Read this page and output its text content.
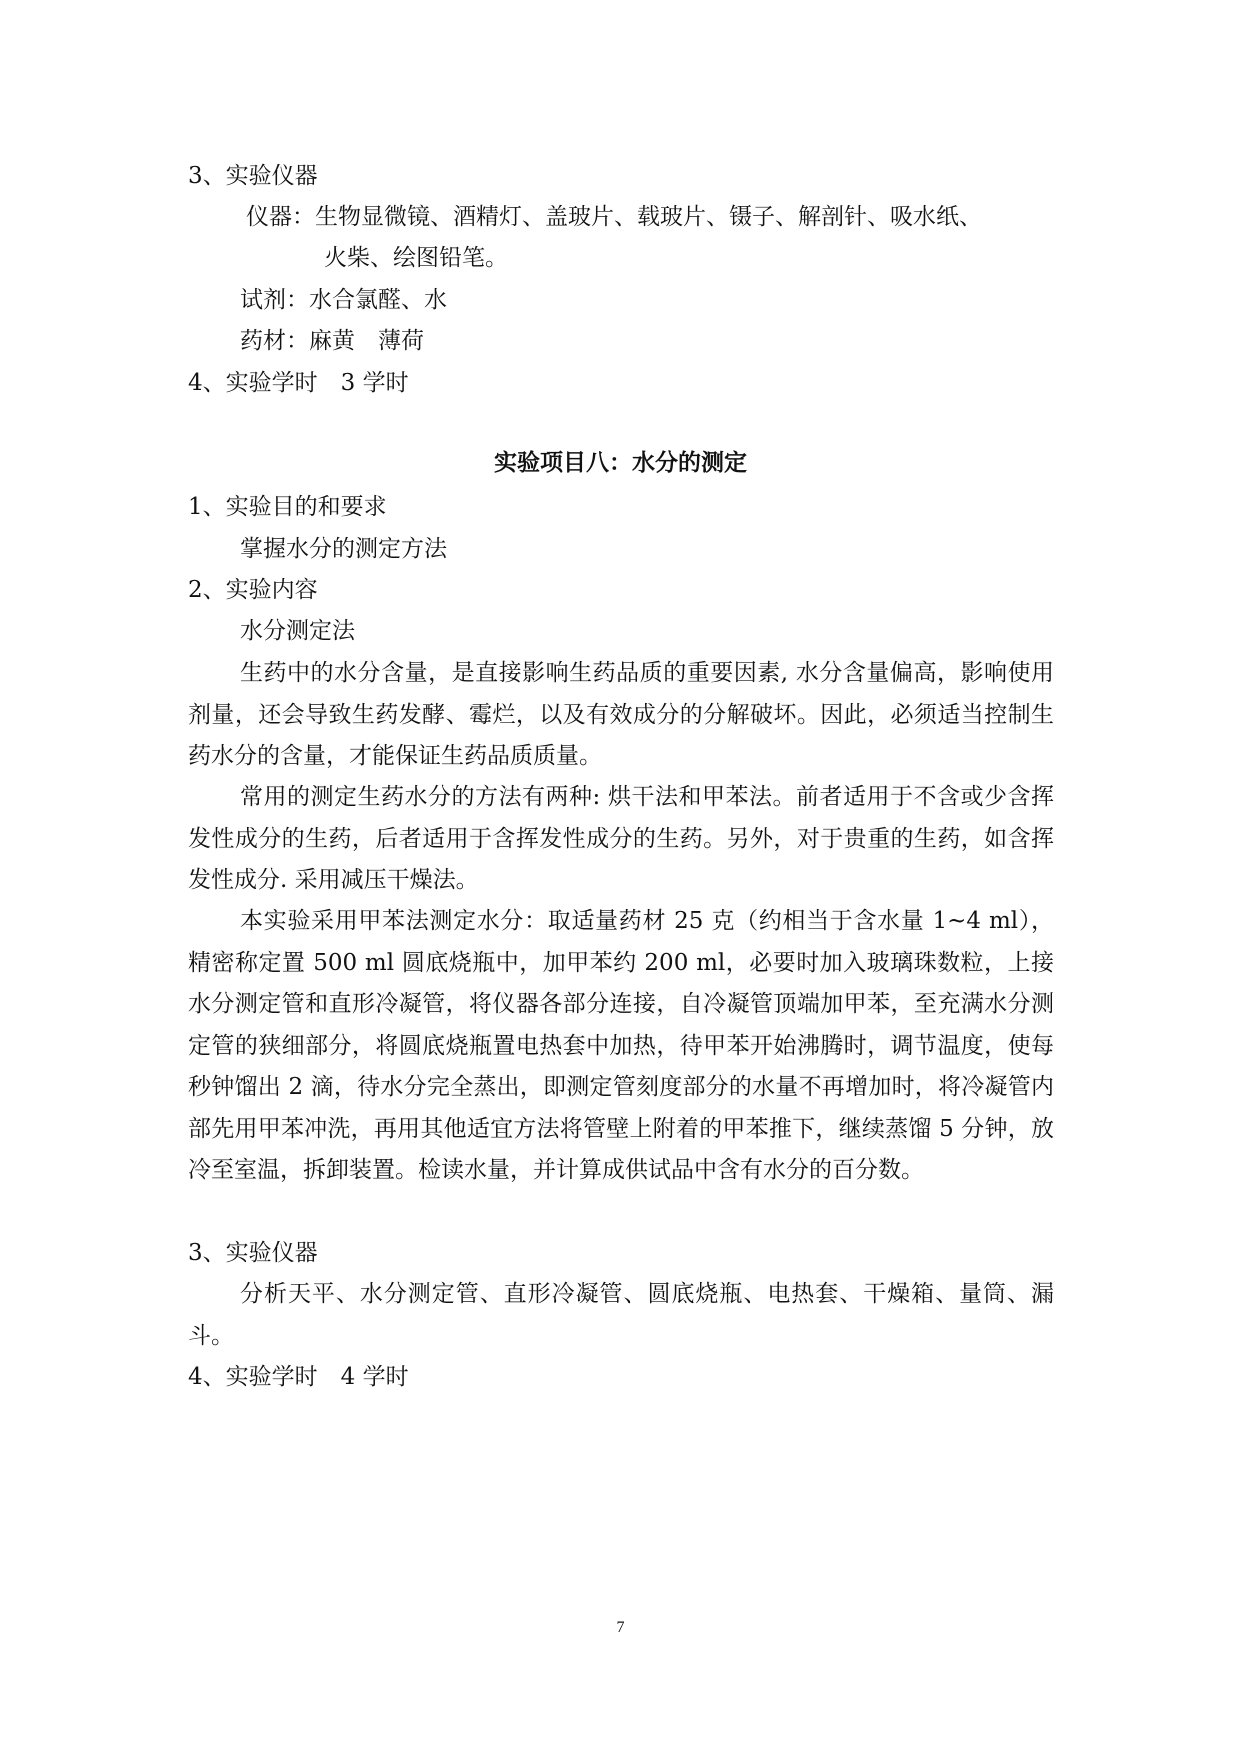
3、实验仪器

仪器：生物显微镜、酒精灯、盖玻片、载玻片、镊子、解剖针、吸水纸、

火柴、绘图铅笔。

试剂：水合氯醛、水

药材：麻黄　薄荷

4、实验学时　3 学时

实验项目八：水分的测定

1、实验目的和要求

掌握水分的测定方法

2、实验内容

水分测定法

生药中的水分含量，是直接影响生药品质的重要因素, 水分含量偏高，影响使用剂量，还会导致生药发酵、霉烂，以及有效成分的分解破坏。因此，必须适当控制生药水分的含量，才能保证生药品质质量。

常用的测定生药水分的方法有两种: 烘干法和甲苯法。前者适用于不含或少含挥发性成分的生药，后者适用于含挥发性成分的生药。另外，对于贵重的生药，如含挥发性成分. 采用减压干燥法。

本实验采用甲苯法测定水分：取适量药材 25 克（约相当于含水量 1~4 ml），精密称定置 500 ml 圆底烧瓶中，加甲苯约 200 ml，必要时加入玻璃珠数粒，上接水分测定管和直形冷凝管，将仪器各部分连接，自冷凝管顶端加甲苯，至充满水分测定管的狭细部分，将圆底烧瓶置电热套中加热，待甲苯开始沸腾时，调节温度，使每秒钟馏出 2 滴，待水分完全蒸出，即测定管刻度部分的水量不再增加时，将冷凝管内部先用甲苯冲洗，再用其他适宜方法将管壁上附着的甲苯推下，继续蒸馏 5 分钟，放冷至室温，拆卸装置。检读水量，并计算成供试品中含有水分的百分数。

3、实验仪器

分析天平、水分测定管、直形冷凝管、圆底烧瓶、电热套、干燥箱、量筒、漏斗。

4、实验学时　4 学时

7
